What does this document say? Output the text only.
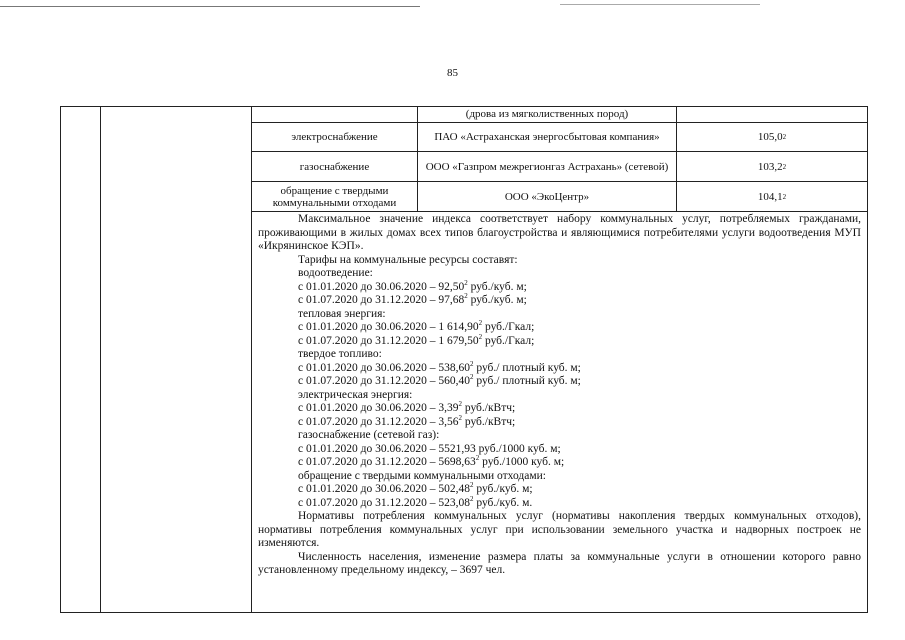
85
(дрова из мягколиственных пород)
электроснабжение	ПАО «Астраханская энергосбытовая компания»	105,0 2
газоснабжение	ООО «Газпром межрегионгаз Астрахань» (сетевой)	103,2 2
обращение с твердыми коммунальными отходами	ООО «ЭкоЦентр»	104,1 2

Максимальное значение индекса соответствует набору коммунальных услуг, потребляемых гражданами, проживающими в жилых домах всех типов благоустройства и являющимися потребителями услуги водоотведения МУП «Икрянинское КЭП».

Тарифы на коммунальные ресурсы составят:

водоотведение:

с 01.01.2020 до 30.06.2020 – 92,50$^2$ руб./куб. м;

с 01.07.2020 до 31.12.2020 – 97,68$^2$ руб./куб. м;

тепловая энергия:

с 01.01.2020 до 30.06.2020 – 1 614,90$^2$ руб./Гкал;

с 01.07.2020 до 31.12.2020 – 1 679,50$^2$ руб./Гкал;

твердое топливо:

с 01.01.2020 до 30.06.2020 – 538,60$^2$ руб./ плотный куб. м;

с 01.07.2020 до 31.12.2020 – 560,40$^2$ руб./ плотный куб. м;

электрическая энергия:

с 01.01.2020 до 30.06.2020 – 3,39$^2$ руб./кВтч;

с 01.07.2020 до 31.12.2020 – 3,56$^2$ руб./кВтч;

газоснабжение (сетевой газ):

с 01.01.2020 до 30.06.2020 – 5521,93 руб./1000 куб. м;

с 01.07.2020 до 31.12.2020 – 5698,63$^2$ руб./1000 куб. м;

обращение с твердыми коммунальными отходами:

с 01.01.2020 до 30.06.2020 – 502,48$^2$ руб./куб. м;

с 01.07.2020 до 31.12.2020 – 523,08$^2$ руб./куб. м.

Нормативы потребления коммунальных услуг (нормативы накопления твердых коммунальных отходов), нормативы потребления коммунальных услуг при использовании земельного участка и надворных построек не изменяются.

Численность населения, изменение размера платы за коммунальные услуги в отношении которого равно установленному предельному индексу, – 3697 чел.
